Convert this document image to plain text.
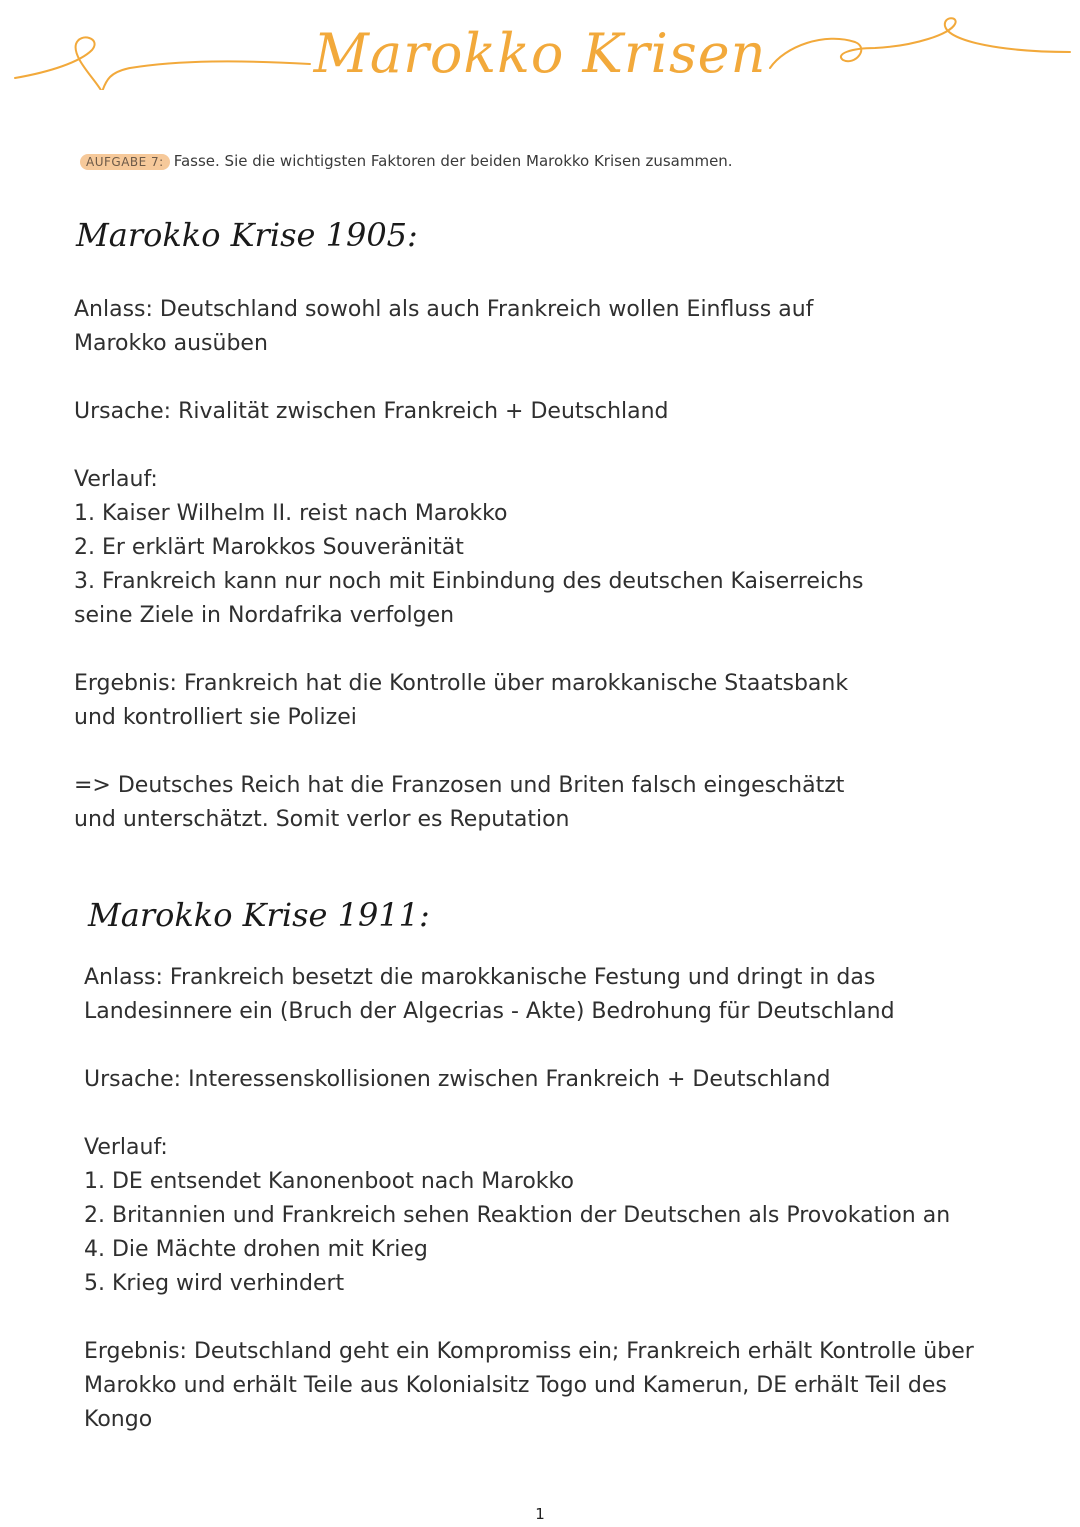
Marokko Krisen
AUFGABE 7: Fasse. Sie die wichtigsten Faktoren der beiden Marokko Krisen zusammen.
Marokko Krise 1905:

Anlass: Deutschland sowohl als auch Frankreich wollen Einfluss auf

Marokko ausüben

Ursache: Rivalität zwischen Frankreich + Deutschland

Verlauf:

1. Kaiser Wilhelm II. reist nach Marokko

2. Er erklärt Marokkos Souveränität

3. Frankreich kann nur noch mit Einbindung des deutschen Kaiserreichs

seine Ziele in Nordafrika verfolgen

Ergebnis: Frankreich hat die Kontrolle über marokkanische Staatsbank

und kontrolliert sie Polizei

=> Deutsches Reich hat die Franzosen und Briten falsch eingeschätzt

und unterschätzt. Somit verlor es Reputation

Marokko Krise 1911:

Anlass: Frankreich besetzt die marokkanische Festung und dringt in das

Landesinnere ein (Bruch der Algecrias - Akte) Bedrohung für Deutschland

Ursache: Interessenskollisionen zwischen Frankreich + Deutschland

Verlauf:

1. DE entsendet Kanonenboot nach Marokko

2. Britannien und Frankreich sehen Reaktion der Deutschen als Provokation an

4. Die Mächte drohen mit Krieg

5. Krieg wird verhindert

Ergebnis: Deutschland geht ein Kompromiss ein; Frankreich erhält Kontrolle über

Marokko und erhält Teile aus Kolonialsitz Togo und Kamerun, DE erhält Teil des

Kongo

1
